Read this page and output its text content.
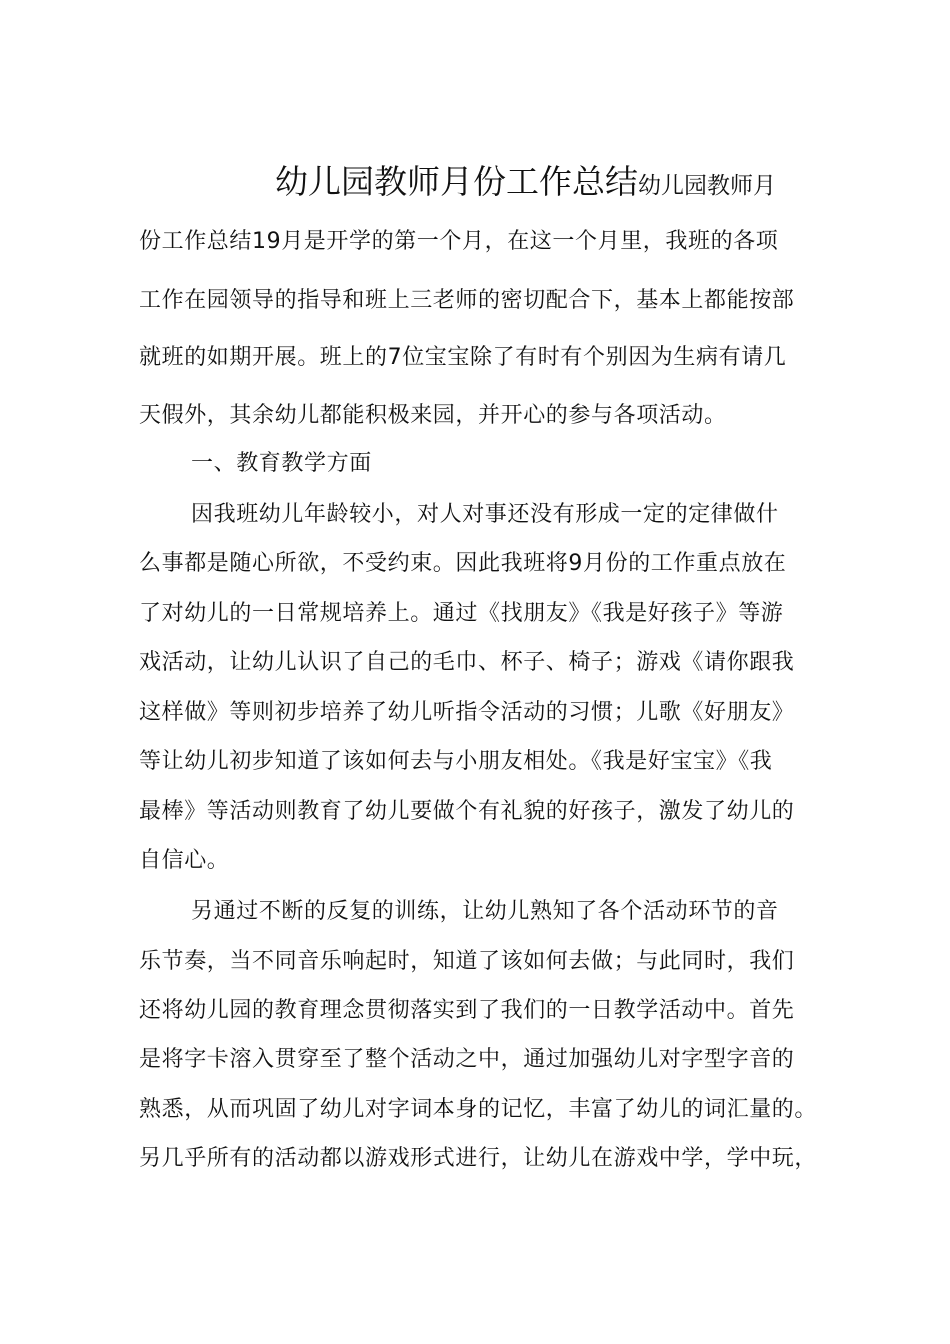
幼儿园教师月份工作总结幼儿园教师月
份工作总结19月是开学的第一个月，在这一个月里，我班的各项
工作在园领导的指导和班上三老师的密切配合下，基本上都能按部
就班的如期开展。班上的7位宝宝除了有时有个别因为生病有请几
天假外，其余幼儿都能积极来园，并开心的参与各项活动。
一、教育教学方面
因我班幼儿年龄较小，对人对事还没有形成一定的定律做什
么事都是随心所欲，不受约束。因此我班将9月份的工作重点放在
了对幼儿的一日常规培养上。通过《找朋友》《我是好孩子》等游
戏活动，让幼儿认识了自己的毛巾、杯子、椅子；游戏《请你跟我
这样做》等则初步培养了幼儿听指令活动的习惯；儿歌《好朋友》
等让幼儿初步知道了该如何去与小朋友相处。《我是好宝宝》《我
最棒》等活动则教育了幼儿要做个有礼貌的好孩子，激发了幼儿的
自信心。
另通过不断的反复的训练，让幼儿熟知了各个活动环节的音
乐节奏，当不同音乐响起时，知道了该如何去做；与此同时，我们
还将幼儿园的教育理念贯彻落实到了我们的一日教学活动中。首先
是将字卡溶入贯穿至了整个活动之中，通过加强幼儿对字型字音的
熟悉，从而巩固了幼儿对字词本身的记忆，丰富了幼儿的词汇量的。
另几乎所有的活动都以游戏形式进行，让幼儿在游戏中学，学中玩，
